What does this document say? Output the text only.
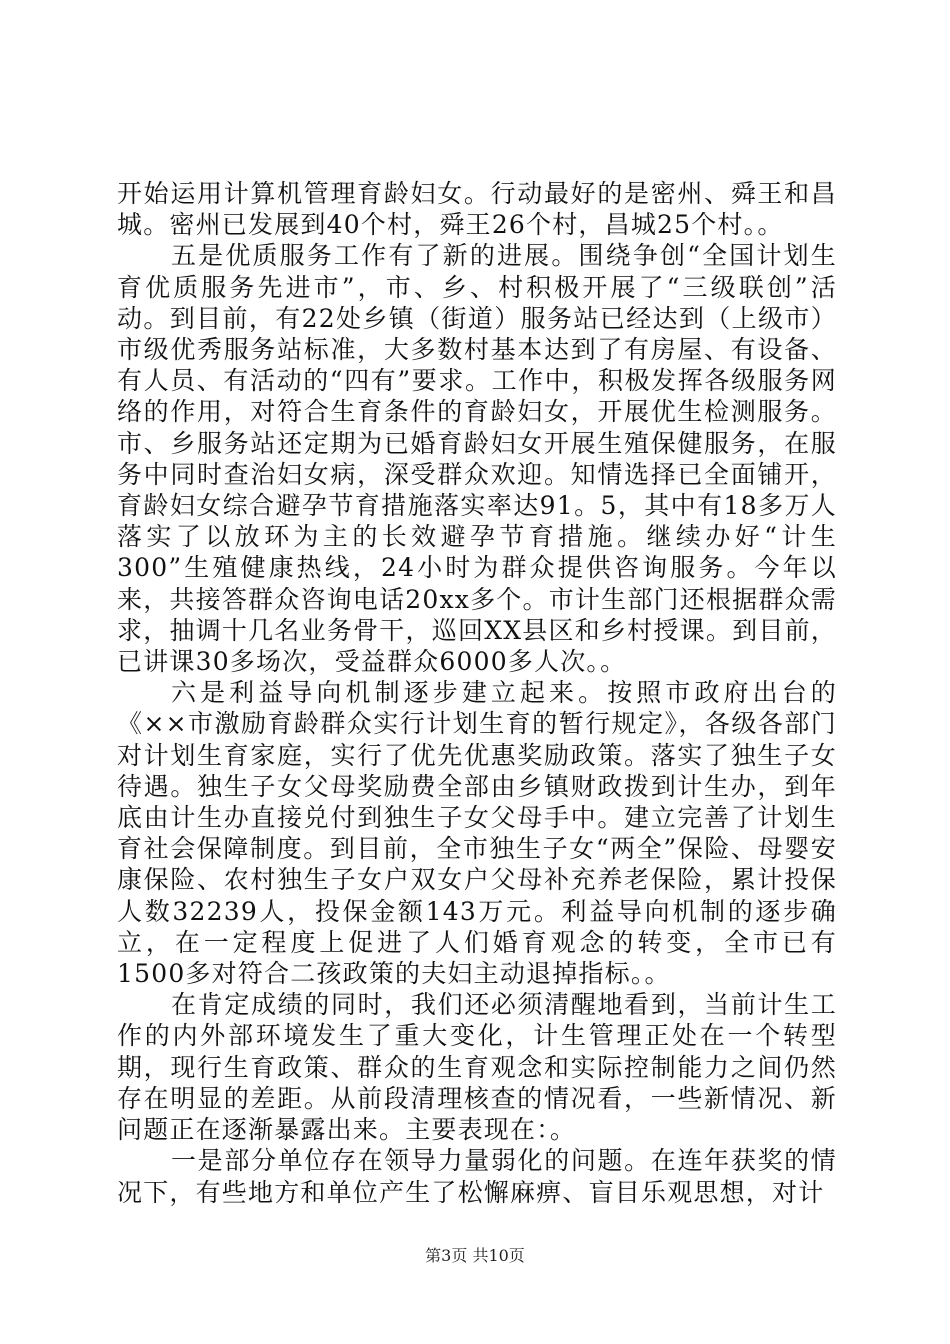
开始运用计算机管理育龄妇女。行动最好的是密州、舜王和昌城。密州已发展到40个村，舜王26个村，昌城25个村。。

五是优质服务工作有了新的进展。围绕争创“全国计划生育优质服务先进市”，市、乡、村积极开展了“三级联创”活动。到目前，有22处乡镇（街道）服务站已经达到（上级市）市级优秀服务站标准，大多数村基本达到了有房屋、有设备、有人员、有活动的“四有”要求。工作中，积极发挥各级服务网络的作用，对符合生育条件的育龄妇女，开展优生检测服务。市、乡服务站还定期为已婚育龄妇女开展生殖保健服务，在服务中同时查治妇女病，深受群众欢迎。知情选择已全面铺开，育龄妇女综合避孕节育措施落实率达91。5，其中有18多万人落实了以放环为主的长效避孕节育措施。继续办好“计生300”生殖健康热线，24小时为群众提供咨询服务。今年以来，共接答群众咨询电话20xx多个。市计生部门还根据群众需求，抽调十几名业务骨干，巡回XX县区和乡村授课。到目前，已讲课30多场次，受益群众6000多人次。。

六是利益导向机制逐步建立起来。按照市政府出台的《××市激励育龄群众实行计划生育的暂行规定》，各级各部门对计划生育家庭，实行了优先优惠奖励政策。落实了独生子女待遇。独生子女父母奖励费全部由乡镇财政拨到计生办，到年底由计生办直接兑付到独生子女父母手中。建立完善了计划生育社会保障制度。到目前，全市独生子女“两全”保险、母婴安康保险、农村独生子女户双女户父母补充养老保险，累计投保人数32239人，投保金额143万元。利益导向机制的逐步确立，在一定程度上促进了人们婚育观念的转变，全市已有1500多对符合二孩政策的夫妇主动退掉指标。。

在肯定成绩的同时，我们还必须清醒地看到，当前计生工作的内外部环境发生了重大变化，计生管理正处在一个转型期，现行生育政策、群众的生育观念和实际控制能力之间仍然存在明显的差距。从前段清理核查的情况看，一些新情况、新问题正在逐渐暴露出来。主要表现在：。

一是部分单位存在领导力量弱化的问题。在连年获奖的情况下，有些地方和单位产生了松懈麻痹、盲目乐观思想，对计

第3页 共10页
